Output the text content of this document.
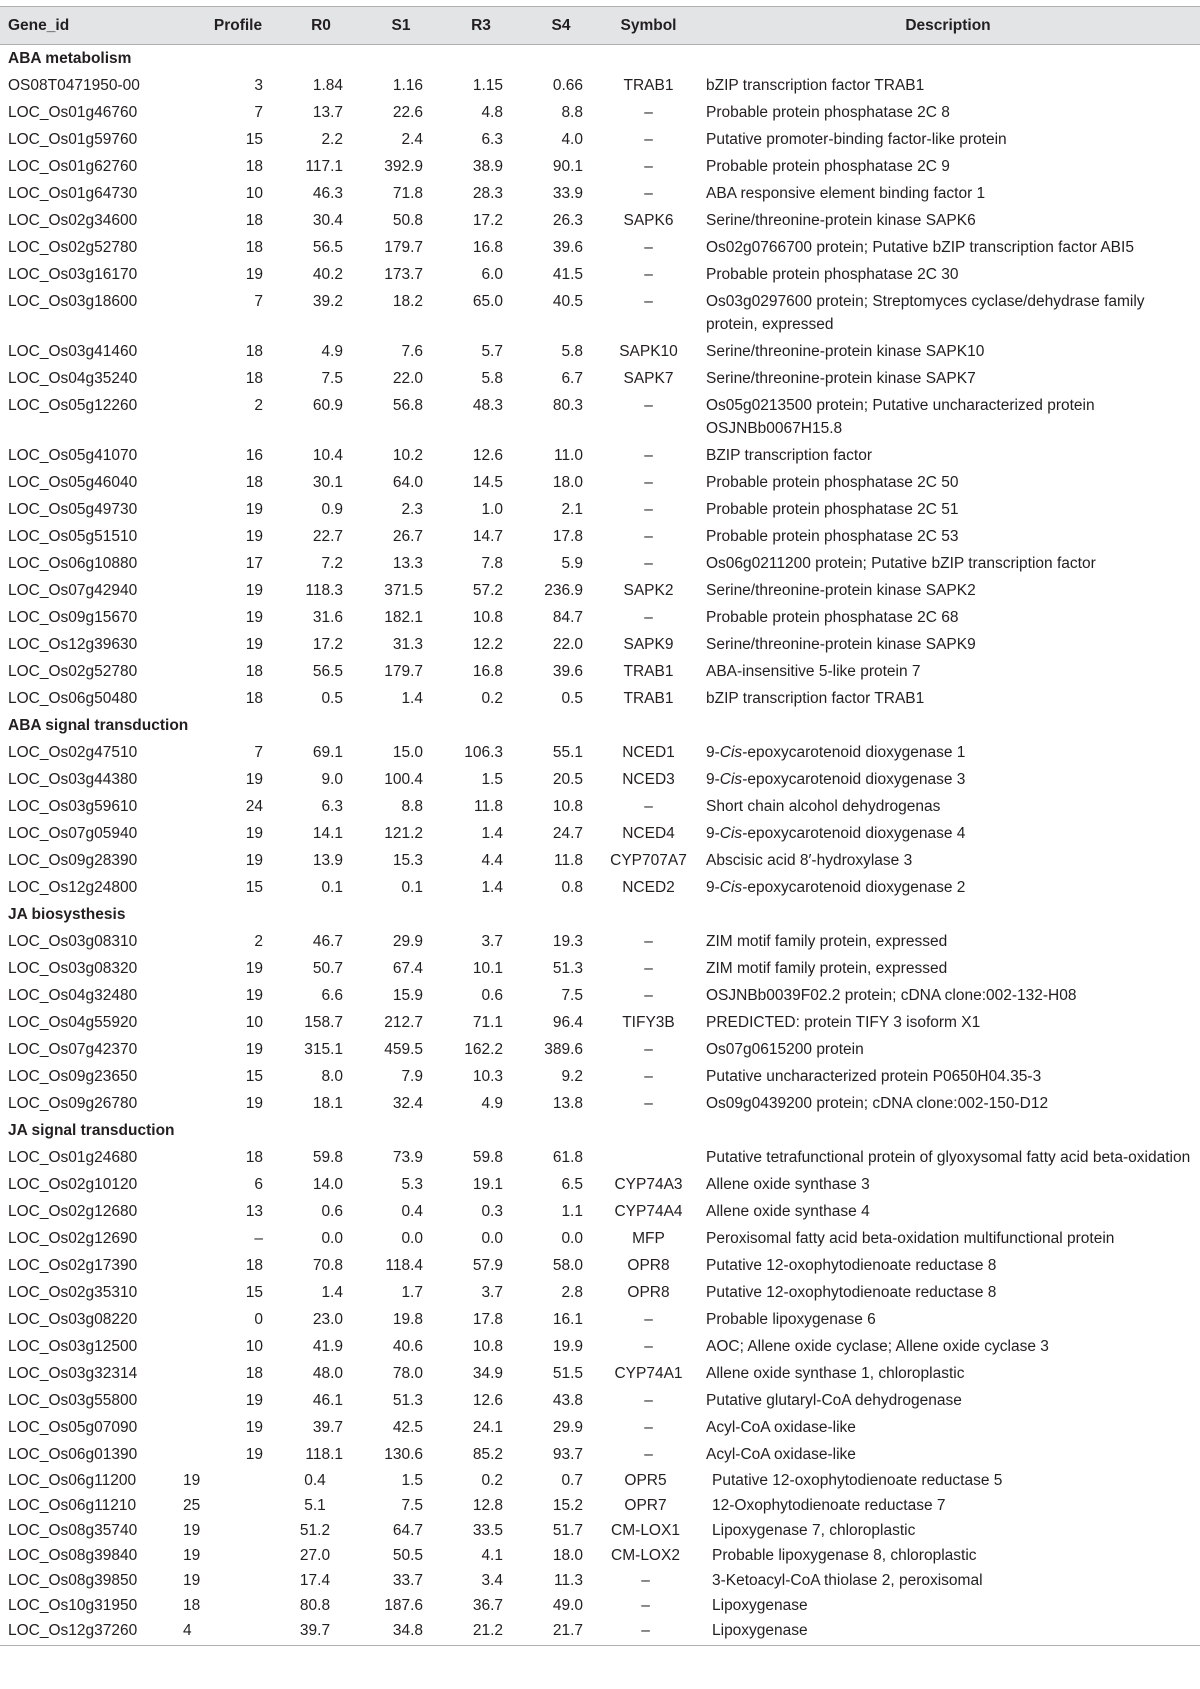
Gene_id	Profile	R0	S1	R3	S4	Symbol	Description
ABA metabolism
OS08T0471950-00	3	1.84	1.16	1.15	0.66	TRAB1	bZIP transcription factor TRAB1
LOC_Os01g46760	7	13.7	22.6	4.8	8.8	–	Probable protein phosphatase 2C 8
LOC_Os01g59760	15	2.2	2.4	6.3	4.0	–	Putative promoter-binding factor-like protein
LOC_Os01g62760	18	117.1	392.9	38.9	90.1	–	Probable protein phosphatase 2C 9
LOC_Os01g64730	10	46.3	71.8	28.3	33.9	–	ABA responsive element binding factor 1
LOC_Os02g34600	18	30.4	50.8	17.2	26.3	SAPK6	Serine/threonine-protein kinase SAPK6
LOC_Os02g52780	18	56.5	179.7	16.8	39.6	–	Os02g0766700 protein; Putative bZIP transcription factor ABI5
LOC_Os03g16170	19	40.2	173.7	6.0	41.5	–	Probable protein phosphatase 2C 30
LOC_Os03g18600	7	39.2	18.2	65.0	40.5	–	Os03g0297600 protein; Streptomyces cyclase/dehydrase family protein, expressed
LOC_Os03g41460	18	4.9	7.6	5.7	5.8	SAPK10	Serine/threonine-protein kinase SAPK10
LOC_Os04g35240	18	7.5	22.0	5.8	6.7	SAPK7	Serine/threonine-protein kinase SAPK7
LOC_Os05g12260	2	60.9	56.8	48.3	80.3	–	Os05g0213500 protein; Putative uncharacterized protein OSJNBb0067H15.8
LOC_Os05g41070	16	10.4	10.2	12.6	11.0	–	BZIP transcription factor
LOC_Os05g46040	18	30.1	64.0	14.5	18.0	–	Probable protein phosphatase 2C 50
LOC_Os05g49730	19	0.9	2.3	1.0	2.1	–	Probable protein phosphatase 2C 51
LOC_Os05g51510	19	22.7	26.7	14.7	17.8	–	Probable protein phosphatase 2C 53
LOC_Os06g10880	17	7.2	13.3	7.8	5.9	–	Os06g0211200 protein; Putative bZIP transcription factor
LOC_Os07g42940	19	118.3	371.5	57.2	236.9	SAPK2	Serine/threonine-protein kinase SAPK2
LOC_Os09g15670	19	31.6	182.1	10.8	84.7	–	Probable protein phosphatase 2C 68
LOC_Os12g39630	19	17.2	31.3	12.2	22.0	SAPK9	Serine/threonine-protein kinase SAPK9
LOC_Os02g52780	18	56.5	179.7	16.8	39.6	TRAB1	ABA-insensitive 5-like protein 7
LOC_Os06g50480	18	0.5	1.4	0.2	0.5	TRAB1	bZIP transcription factor TRAB1
ABA signal transduction
LOC_Os02g47510	7	69.1	15.0	106.3	55.1	NCED1	9-Cis-epoxycarotenoid dioxygenase 1
LOC_Os03g44380	19	9.0	100.4	1.5	20.5	NCED3	9-Cis-epoxycarotenoid dioxygenase 3
LOC_Os03g59610	24	6.3	8.8	11.8	10.8	–	Short chain alcohol dehydrogenas
LOC_Os07g05940	19	14.1	121.2	1.4	24.7	NCED4	9-Cis-epoxycarotenoid dioxygenase 4
LOC_Os09g28390	19	13.9	15.3	4.4	11.8	CYP707A7	Abscisic acid 8′-hydroxylase 3
LOC_Os12g24800	15	0.1	0.1	1.4	0.8	NCED2	9-Cis-epoxycarotenoid dioxygenase 2
JA biosysthesis
LOC_Os03g08310	2	46.7	29.9	3.7	19.3	–	ZIM motif family protein, expressed
LOC_Os03g08320	19	50.7	67.4	10.1	51.3	–	ZIM motif family protein, expressed
LOC_Os04g32480	19	6.6	15.9	0.6	7.5	–	OSJNBb0039F02.2 protein; cDNA clone:002-132-H08
LOC_Os04g55920	10	158.7	212.7	71.1	96.4	TIFY3B	PREDICTED: protein TIFY 3 isoform X1
LOC_Os07g42370	19	315.1	459.5	162.2	389.6	–	Os07g0615200 protein
LOC_Os09g23650	15	8.0	7.9	10.3	9.2	–	Putative uncharacterized protein P0650H04.35-3
LOC_Os09g26780	19	18.1	32.4	4.9	13.8	–	Os09g0439200 protein; cDNA clone:002-150-D12
JA signal transduction
LOC_Os01g24680	18	59.8	73.9	59.8	61.8		Putative tetrafunctional protein of glyoxysomal fatty acid beta-oxidation
LOC_Os02g10120	6	14.0	5.3	19.1	6.5	CYP74A3	Allene oxide synthase 3
LOC_Os02g12680	13	0.6	0.4	0.3	1.1	CYP74A4	Allene oxide synthase 4
LOC_Os02g12690	–	0.0	0.0	0.0	0.0	MFP	Peroxisomal fatty acid beta-oxidation multifunctional protein
LOC_Os02g17390	18	70.8	118.4	57.9	58.0	OPR8	Putative 12-oxophytodienoate reductase 8
LOC_Os02g35310	15	1.4	1.7	3.7	2.8	OPR8	Putative 12-oxophytodienoate reductase 8
LOC_Os03g08220	0	23.0	19.8	17.8	16.1	–	Probable lipoxygenase 6
LOC_Os03g12500	10	41.9	40.6	10.8	19.9	–	AOC; Allene oxide cyclase; Allene oxide cyclase 3
LOC_Os03g32314	18	48.0	78.0	34.9	51.5	CYP74A1	Allene oxide synthase 1, chloroplastic
LOC_Os03g55800	19	46.1	51.3	12.6	43.8	–	Putative glutaryl-CoA dehydrogenase
LOC_Os05g07090	19	39.7	42.5	24.1	29.9	–	Acyl-CoA oxidase-like
LOC_Os06g01390	19	118.1	130.6	85.2	93.7	–	Acyl-CoA oxidase-like
LOC_Os06g11200	19	0.4	1.5	0.2	0.7	OPR5	Putative 12-oxophytodienoate reductase 5
LOC_Os06g11210	25	5.1	7.5	12.8	15.2	OPR7	12-Oxophytodienoate reductase 7
LOC_Os08g35740	19	51.2	64.7	33.5	51.7	CM-LOX1	Lipoxygenase 7, chloroplastic
LOC_Os08g39840	19	27.0	50.5	4.1	18.0	CM-LOX2	Probable lipoxygenase 8, chloroplastic
LOC_Os08g39850	19	17.4	33.7	3.4	11.3	–	3-Ketoacyl-CoA thiolase 2, peroxisomal
LOC_Os10g31950	18	80.8	187.6	36.7	49.0	–	Lipoxygenase
LOC_Os12g37260	4	39.7	34.8	21.2	21.7	–	Lipoxygenase
